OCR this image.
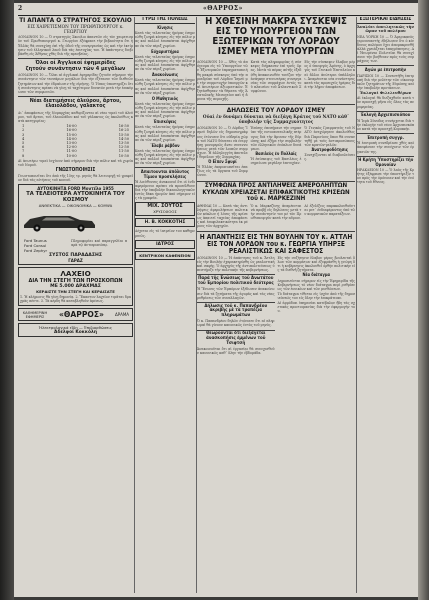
2	«ΘΑΡΡΟΣ»
ΤΙ ΑΠΑΝΤΑ Ο ΣΤΡΑΤΗΓΟΣ ΣΚΟΥΛΙΟ
ΕΙΣ ΧΑΙΡΕΤΙΣΜΟΝ ΤΟΥ ΠΡΩΘΥΠΟΥΡΓΟΥ κ. ΓΕΩΡΓΙΟΥ
ΛΟΝΔΙΝΟΝ 10 — Ὁ στρατηγὸς Σκουλιο ἀπαντῶν εἰς τὸν χαιρετισμὸν τοῦ Πρωθυπουργοῦ κ. Γεωργίου ἐξέφρασε τὴν βεβαιότητα ὅτι ἡ Ἑλλὰς θὰ συνεχίσῃ ἐπὶ τῆς ὁδοῦ τῆς συνεργασίας ὡς καὶ τὴν ἐκτίμησιν τοῦ ἑλληνικοῦ λαοῦ διὰ τὰς ἐπιτυχίας του. Ἡ ἀπάντησις διεβιβάσθη εἰς Ἀθήνας χθὲς διὰ τῆς πρεσβείας.
Όλοι οί Ἀγγλικοί ἐφημερίδες
ζητούν συνάντησιν τῶν 4 μεγάλων
ΛΟΝΔΙΝΟΝ 10 — Ὅλαι αἱ ἀγγλικαὶ ἐφημερίδες ζητοῦν σήμερον τὴν συνάντησιν τῶν τεσσάρων μεγάλων διὰ τὴν ἐξέτασιν τῶν διεθνῶν ζητημάτων καὶ τὴν ἐδραίωσιν τῆς εἰρήνης. Ὁ Τύπος ὑποστηρίζει ὅτι ἡ συνάντησις πρέπει νὰ γίνῃ τὸ ταχύτερον δυνατόν μετὰ τὴν ἐπικύρωσιν τῶν συμφωνιῶν.
Νέαι διατιμήσεις ἀλεύρου, ἄρτου, ἐλαιολάδου, γαλακτος
Δι᾽ ἀποφάσεως τῆς Νομαρχίας καθορίζονται αἱ νέαι τιμαὶ τοῦ ἀλεύρου, τοῦ ἄρτου, τοῦ ἐλαιολάδου καὶ τοῦ γάλακτος ὡς ἀκολούθως κατὰ κατηγορίας:
1	16·00	16·50
2	16·00	16·25
3	15·00	15·50
4	14·00	14·50
5	13·00	13·50
6	12·00	12·50
7	11·00	11·50
8	10·00	10·50
Αἱ ἀνωτέρω τιμαὶ ἰσχύουν ἀπὸ σήμερον διὰ τὴν πόλιν καὶ τὰ χωρία τοῦ Νομοῦ.
ΓΝΩΣΤΟΠΟΙΗΣΙΣ
Γνωστοποιεῖται ὅτι ἀπὸ τῆς 15ης τρ. μηνὸς θὰ λειτουργῇ τὸ γραφεῖον διὰ τὰς αἰτήσεις τοῦ κοινοῦ.
ΑΥΤΟΚΙΝΗΤΑ FORD Μοντέλο 1955
ΤΑ ΤΕΛΕΙΟΤΕΡΑ ΑΥΤΟΚΙΝΗΤΑ ΤΟΥ ΚΟΣΜΟΥ
ΑΝΘΕΚΤΙΚΑ — ΟΙΚΟΝΟΜΙΚΑ — ΚΟΜΨΑ
Ford Taunus
Ford Consul
Ford Zephyr
Πληροφορίαι καὶ παραγγελίαι παρὰ τῷ ἀντιπροσώπῳ.
ΣΥΣΤΟΣ ΠΑΡΑΔΑΣΗΣ
ΓΑΡΑΖ
ΛΑΧΕΙΟ
ΔΙΑ ΤΗΝ ΣΤΕΓΗ ΤΩΝ ΠΡΟΣΚΟΠΩΝ
ΜΕ 5.000 ΔΡΑΧΜΑΣ
ΚΕΡΔΙΣΤΕ ΤΗΝ ΣΤΕΓΗ ΚΑΙ ΚΕΡΔΙΣΑΤΕ
1. Ἡ κλήρωσις θὰ γίνῃ δημοσίᾳ. 2. Ἕκαστον λαχεῖον τιμᾶται δραχμὰς πέντε. 3. Τὰ κέρδη θὰ καταβληθοῦν ἀμέσως.
ΚΑΘΗΜΕΡΙΝΗ ΕΦΗΜΕΡΙΣ	«ΘΑΡΡΟΣ»	ΔΡΑΜΑ
Ἠλεκτρολογικά εἴδη — Ἐπιδιορθώσεις
Ἀδελφοί Κοκκόλη
ΓΥΡΩ ΤΗΣ ΠΟΛΕΩΣ
Κίνησις
Κατὰ τὰς τελευταίας ἡμέρας ἐσημειώθη ζωηρὰ κίνησις εἰς τὴν πόλιν μας καὶ πολλοὶ ἐπισκέπται ἀφίχθησαν ἐκ τῶν πέριξ χωρίων.
Εύχαριστήρια
Κατὰ τὰς τελευταίας ἡμέρας ἐσημειώθη ζωηρὰ κίνησις εἰς τὴν πόλιν μας καὶ πολλοὶ ἐπισκέπται ἀφίχθησαν ἐκ τῶν πέριξ χωρίων.
Ἀνακοίνωσις
Κατὰ τὰς τελευταίας ἡμέρας ἐσημειώθη ζωηρὰ κίνησις εἰς τὴν πόλιν μας καὶ πολλοὶ ἐπισκέπται ἀφίχθησαν ἐκ τῶν πέριξ χωρίων.
Ο Μαθητικός
Κατὰ τὰς τελευταίας ἡμέρας ἐσημειώθη ζωηρὰ κίνησις εἰς τὴν πόλιν μας καὶ πολλοὶ ἐπισκέπται ἀφίχθησαν ἐκ τῶν πέριξ χωρίων.
Ἐπισκέψεις
Κατὰ τὰς τελευταίας ἡμέρας ἐσημειώθη ζωηρὰ κίνησις εἰς τὴν πόλιν μας καὶ πολλοὶ ἐπισκέπται ἀφίχθησαν ἐκ τῶν πέριξ χωρίων.
Ἔλαβε ῥάβδον
Κατὰ τὰς τελευταίας ἡμέρας ἐσημειώθη ζωηρὰ κίνησις εἰς τὴν πόλιν μας καὶ πολλοὶ ἐπισκέπται ἀφίχθησαν ἐκ τῶν πέριξ χωρίων.
Ἀπαιτουνται ἀπόλυτος
Τίμιον προσκλήσεις
Ἡ Διεύθυνσις ἀνακοινοῖ ὅτι οἱ ἐνδιαφερόμενοι πρέπει νὰ προσέλθουν διὰ τὴν ὑποβολὴν δικαιολογητικῶν ἐντὸς δέκα ἡμερῶν ἀπὸ σήμερον εἰς τὰ γραφεῖα.
ΜΙΧ. ΣΟΥΤΟΣ
ΧΡΥΣΟΧΟΟΣ
Η. Β. ΚΟΚΚΟΤΗΣ
Δέχεται εἰς τὸ ἰατρεῖον του καθημερινῶς.
ΙΑΤΡΟΣ
ΚΕΝΤΡΙΚΟΝ ΚΑΦΕΝΕΙΟΝ
Η ΧΘΕΣΙΝΗ ΜΑΚΡΑ ΣΥΣΚΕΨΙΣ ΕΙΣ ΤΟ ΥΠΟΥΡΓΕΙΟΝ ΤΩΝ ΕΞΩΤΕΡΙΚΩΝ ΤΟΥ ΛΟΡΔΟΥ ΙΣΜΕΥ ΜΕΤΑ ΥΠΟΥΡΓΩΝ
ΛΟΝΔΙΝΟΝ 10 — Χθὲς τὸ ἀπόγευμα εἰς τὸ Ὑπουργεῖον τῶν Ἐξωτερικῶν ἐπραγματοποιήθη μακρὰ σύσκεψις ὑπὸ τὴν προεδρίαν τοῦ Λόρδου Ἴσμεϋ μὲ τὴν συμμετοχὴν ὑπουργῶν καὶ ἀνωτέρων ἀξιωματικῶν. Ἐξητάσθησαν τὰ θέματα τῆς Ἀνατολικῆς Μεσογείου καὶ ἡ ἄμυνα τῆς περιοχῆς.
Κατὰ τὰς πληροφορίας ἡ σύσκεψις διήρκεσεν ἐπὶ τρεῖς ὥρας. Μετὰ τὸ πέρας αὐτῆς ἐξεδόθη ἀνακοινωθὲν τονίζον τὴν ἀνάγκην στενωτέρας συνεργασίας τῶν συμμάχων ἐντὸς τοῦ πλαισίου τοῦ Ἀτλαντικοῦ Συμφώνου.
Εἰς τὴν σύσκεψιν ἔλαβον μέρος ὁ ὑπουργὸς Ἀμύνης, ὁ ἀρχηγὸς τοῦ Γενικοῦ Ἐπιτελείου καὶ ἄλλοι ἀνώτεροι ὑπάλληλοι. Ἀναμένεται νέα συνάντησις κατὰ τὰς προσεχεῖς ἡμέρας διὰ τὴν λῆψιν ἀποφάσεων.
ΔΗΛΩΣΕΙΣ ΤΟΥ ΛΟΡΔΟΥ ΙΣΜΕΥ
Οὐαὶ ἐν δυνάμει δύναται νὰ διεξάγη Κράτος τοῦ ΝΑΤΟ κάθ᾽ ὑποβολὴν τῆς Συμμαχικότητος
ΛΟΝΔΙΝΟΝ 10 — Ὁ Λόρδος Ἴσμεϋ δηλῶν εἰς δημοσιογράφους ἐτόνισεν ὅτι οὐδεμία χώρα τοῦ ΝΑΤΟ δύναται νὰ ἐνεργήσῃ μονομερῶς ἄνευ συνεννοήσεως μετὰ τῶν λοιπῶν συμμάχων. Ἡ ἀλληλεγγύη ἀποτελεῖ θεμέλιον τῆς Συμμαχίας.
Ὁ Εἶπεν Σφυρί
Ἡ Ἑλλὰς ἐκπροσωπεῖται ἐπαξίως εἰς τὰ ὄργανα τοῦ Συμφώνου.
Ἐπίσης ἐπεσήμανε τὴν σημασίαν τῆς νοτιοανατολικῆς πτέρυγος διὰ τὴν ἄμυναν τῆς Εὐρώπης καὶ ἐξῆρε τὴν συμβολὴν τῶν ἑλληνικῶν ἐνόπλων δυνάμεων.
Βασιλεὺς ἐν Πολλαῖς
Ἡ ἐπίσκεψις τοῦ Βασιλέως ἐσημείωσε μεγάλην ἐπιτυχίαν.
Ὁ Γενικὸς Γραμματεὺς τοῦ ΝΑΤΟ ἀνεχώρησεν ἀκολούθως διὰ Παρισίους ὅπου θὰ συναντηθῇ μὲ τοὺς ἀντιπροσώπους τῶν κρατῶν-μελῶν.
Ἀνατροφοδότησις
Συνεχίζονται αἱ διαβουλεύσεις.
ΣΥΜΦΩΝΑ ΠΡΟΣ ΑΝΤΙΛΗΨΕΙΣ ΑΜΕΡΟΛΗΠΤΩΝ ΚΥΚΛΩΝ ΧΡΕΙΑΖΕΤΑΙ ΕΠΙΦΑΚΤΙΚΟΤΗΣ ΚΡΙΣΕΩΝ τοῦ κ. ΜΑΡΚΕΖΙΝΗ
ΑΘΗΝΑΙ 10 — Κατὰ τὰς ἀντιλήψεις ἀμερολήπτων πολιτικῶν κύκλων ἡ λύσις τῆς κρίσεως ἀπαιτεῖ ταχείας ἀποφάσεις καὶ ἐπιφυλακτικότητα ἐκ μέρους τῶν ἀρχηγῶν.
Ὁ κ. Μαρκεζίνης ἀναμένεται νὰ προβῇ εἰς δηλώσεις μετὰ τὴν συνάντησίν του μὲ τὸν Πρωθυπουργὸν κατὰ τὴν αὔριον.
Αἱ ἐξελίξεις παρακολουθοῦνται μετ᾽ ἐνδιαφέροντος ὑπὸ τῶν κομματικῶν παρατάξεων.
Η ΑΠΑΝΤΗΣΙΣ ΕΙΣ ΤΗΝ ΒΟΥΛΗΝ ΤΟΥ κ. ΑΤΤΛΗ ΕΙΣ ΤΟΝ ΛΟΡΔΟΝ του κ. ΓΕΩΡΓΙΑ ΥΠΗΡΞΕ ΡΕΑΛΙΣΤΙΚΩΣ ΚΑΙ ΣΑΦΕΣΤΟΣ
ΛΟΝΔΙΝΟΝ 10 — Ἡ ἀπάντησις τοῦ κ. Ἄττλη εἰς τὴν Βουλὴν ἐχαρακτηρίσθη ὡς ρεαλιστικὴ καὶ σαφής. Ὁ ἀρχηγὸς τῆς ἀντιπολιτεύσεως ὑπεστήριξε τὴν πολιτικὴν τῆς κυβερνήσεως.
Παρά τῆς Ἐνώσεως τοῦ Ἀνωτάτου τοῦ Ἐμπορίου πολιτικοῦ δεύτερος
Ἡ Ἕνωσις τῶν Ἐμπόρων ἐξέδωσεν ἀνακοίνωσιν διὰ τὰ ζητήματα τῆς ἀγορᾶς καὶ τὰς νέας ρυθμίσεις τῶν συναλλαγῶν.
Δήλωσις τοῦ κ. Παπανδρέου ἀκριβὴς μὲ τὰ τραπέζια πληρωμάτων
Ὁ κ. Παπανδρέου δηλῶν ἐτόνισεν ὅτι αἱ πληρωμαὶ θὰ γίνουν κανονικῶς ἐντὸς τοῦ μηνός.
Θεωροῦνται ὅτι διεξάγεται ἀνασκοπήσις ἐμμένων τοῦ Τσιφτσῆ
Ἀνακοινοῦται ὅτι αἱ ἐργασίαι θὰ συνεχισθοῦν κανονικῶς καθ᾽ ὅλην τὴν ἑβδομάδα.
Εἰς τὴν συζήτησιν ἔλαβον μέρος βουλευταὶ ὅλων τῶν κομμάτων καὶ ἐξεφράσθη ἡ γνώμη ὅτι ἡ κυβέρνησις ἀκολουθεῖ ὀρθὴν πολιτικὴν εἰς τὰ διεθνῆ ζητήματα.
Νέα διάταγμα
Δημοσιεύεται σήμερον εἰς τὴν Ἐφημερίδα τῆς Κυβερνήσεως τὸ νέον διάταγμα περὶ ρυθμίσεως τῶν ἐνοικίων καὶ τῶν μισθώσεων.
Τὸ διάταγμα τίθεται εἰς ἰσχὺν ἀπὸ τῆς δημοσιεύσεώς του εἰς ὅλην τὴν ἐπικράτειαν.
Αἱ ἀρμόδιαι ὑπηρεσίαι κατέβαλον ἤδη τὰς σχετικὰς προετοιμασίας διὰ τὴν ἐφαρμογήν του.
ΕΞΩΤΕΡΙΚΑΙ ΕΙΔΗΣΕΙΣ
Ἀναλύει ἀπειλητικῶς τὴν ὥραν τοῦ πολέμου
ΝΕΑ ΥΟΡΚΗ 10 — Ὁ Ἀμερικανὸς γερουσιαστὴς ἐδήλωσεν ὅτι ὁ κίνδυνος πολέμου ἔχει ἀπομακρυνθῆ ἀλλὰ χρειάζεται ἐπαγρύπνησις. Αἱ Ἡνωμέναι Πολιτεῖαι θὰ συνεχίσουν τὴν βοήθειαν πρὸς τοὺς συμμάχους των.
Ἀγών με ἐπιτροπὴν
ΠΑΡΙΣΙΟΙ 10 — Συνεστήθη ἐπιτροπὴ διὰ τὴν μελέτην τῶν οἰκονομικῶν ζητημάτων τῆς Εὐρώπης καὶ τὴν ὑποβολὴν προτάσεων.
Ἐκλογαὶ Φιλελευθέρων
Αἱ ἐκλογαὶ θὰ διεξαχθοῦν κατὰ τὸν προσεχῆ μῆνα εἰς ὅλας τὰς περιφερείας.
Ἐκλογὴ Ἀρχιεπισκόπου
Ἡ Ἱερὰ Σύνοδος συνέρχεται διὰ τὴν ἐκλογὴν τοῦ νέου Ἀρχιεπισκόπου κατὰ τὴν προσεχῆ Κυριακήν.
Ἐπιτροπὴ συγγρ.
Ἡ ἐπιτροπὴ συνεδρίασε χθὲς καὶ ἀπεφάσισε τὴν συνέχισιν τῶν ἐργασιῶν της.
Ἡ Κρήτη Ὑποστηρίζει τὴν Ὁμονοίαν
ΗΡΑΚΛΕΙΟΝ 10 — Ὁ λαὸς τῆς Κρήτης ἐξέφρασε τὴν ὑποστήριξίν του πρὸς τὴν ὁμόνοιαν καὶ τὴν ἑνότητα τοῦ ἔθνους.
